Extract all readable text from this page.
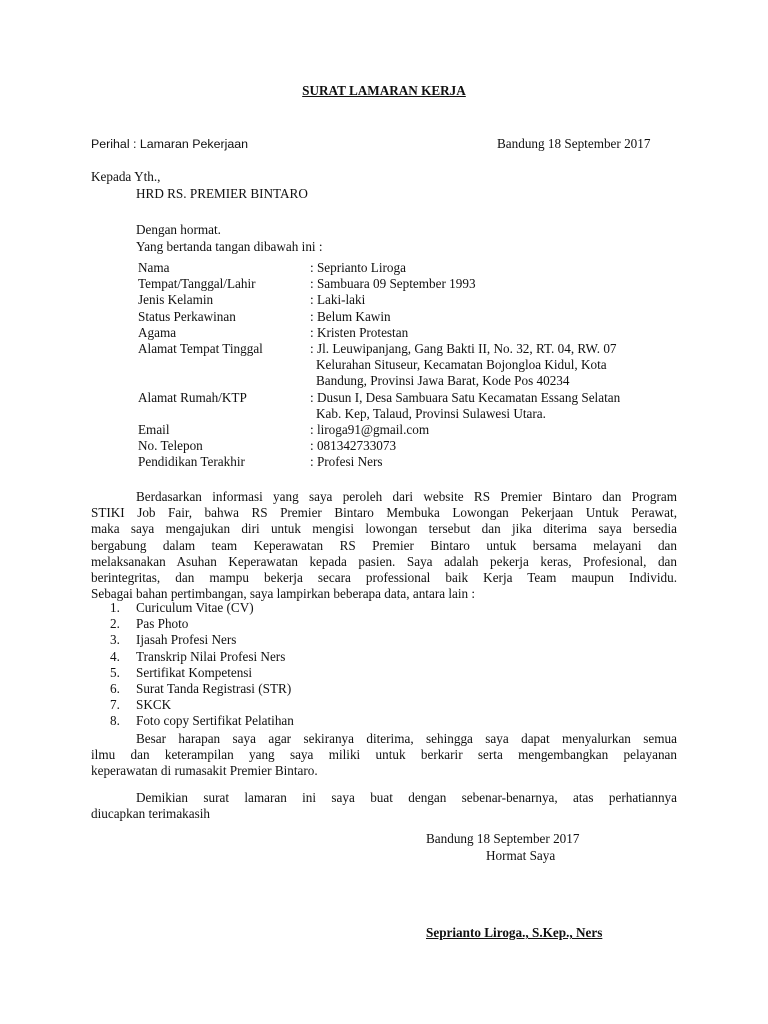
SURAT LAMARAN KERJA
Perihal : Lamaran Pekerjaan	Bandung 18 September 2017
Kepada Yth.,
HRD RS. PREMIER BINTARO
Dengan hormat.
Yang bertanda tangan dibawah ini :
Nama	: Seprianto Liroga
Tempat/Tanggal/Lahir	: Sambuara 09 September 1993
Jenis Kelamin	: Laki-laki
Status Perkawinan	: Belum Kawin
Agama	: Kristen Protestan
Alamat Tempat Tinggal	: Jl. Leuwipanjang, Gang Bakti II, No. 32, RT. 04, RW. 07
Kelurahan Situseur, Kecamatan Bojongloa Kidul, Kota
Bandung, Provinsi Jawa Barat, Kode Pos 40234
Alamat Rumah/KTP	: Dusun I, Desa Sambuara Satu Kecamatan Essang Selatan
Kab. Kep, Talaud, Provinsi Sulawesi Utara.
Email	: liroga91@gmail.com
No. Telepon	: 081342733073
Pendidikan Terakhir	: Profesi Ners
Berdasarkan informasi yang saya peroleh dari website RS Premier Bintaro dan Program
STIKI Job Fair, bahwa RS Premier Bintaro Membuka Lowongan Pekerjaan Untuk Perawat,
maka saya mengajukan diri untuk mengisi lowongan tersebut dan jika diterima saya bersedia
bergabung dalam team Keperawatan RS Premier Bintaro untuk bersama melayani dan
melaksanakan Asuhan Keperawatan kepada pasien. Saya adalah pekerja keras, Profesional, dan
berintegritas, dan mampu bekerja secara professional baik Kerja Team maupun Individu.
Sebagai bahan pertimbangan, saya lampirkan beberapa data, antara lain :
1.	Curiculum Vitae (CV)
2.	Pas Photo
3.	Ijasah Profesi Ners
4.	Transkrip Nilai Profesi Ners
5.	Sertifikat Kompetensi
6.	Surat Tanda Registrasi (STR)
7.	SKCK
8.	Foto copy Sertifikat Pelatihan
Besar harapan saya agar sekiranya diterima, sehingga saya dapat menyalurkan semua
ilmu dan keterampilan yang saya miliki untuk berkarir serta mengembangkan pelayanan
keperawatan di rumasakit Premier Bintaro.
Demikian surat lamaran ini saya buat dengan sebenar-benarnya, atas perhatiannya
diucapkan terimakasih
Bandung 18 September 2017
Hormat Saya
Seprianto Liroga., S.Kep., Ners
